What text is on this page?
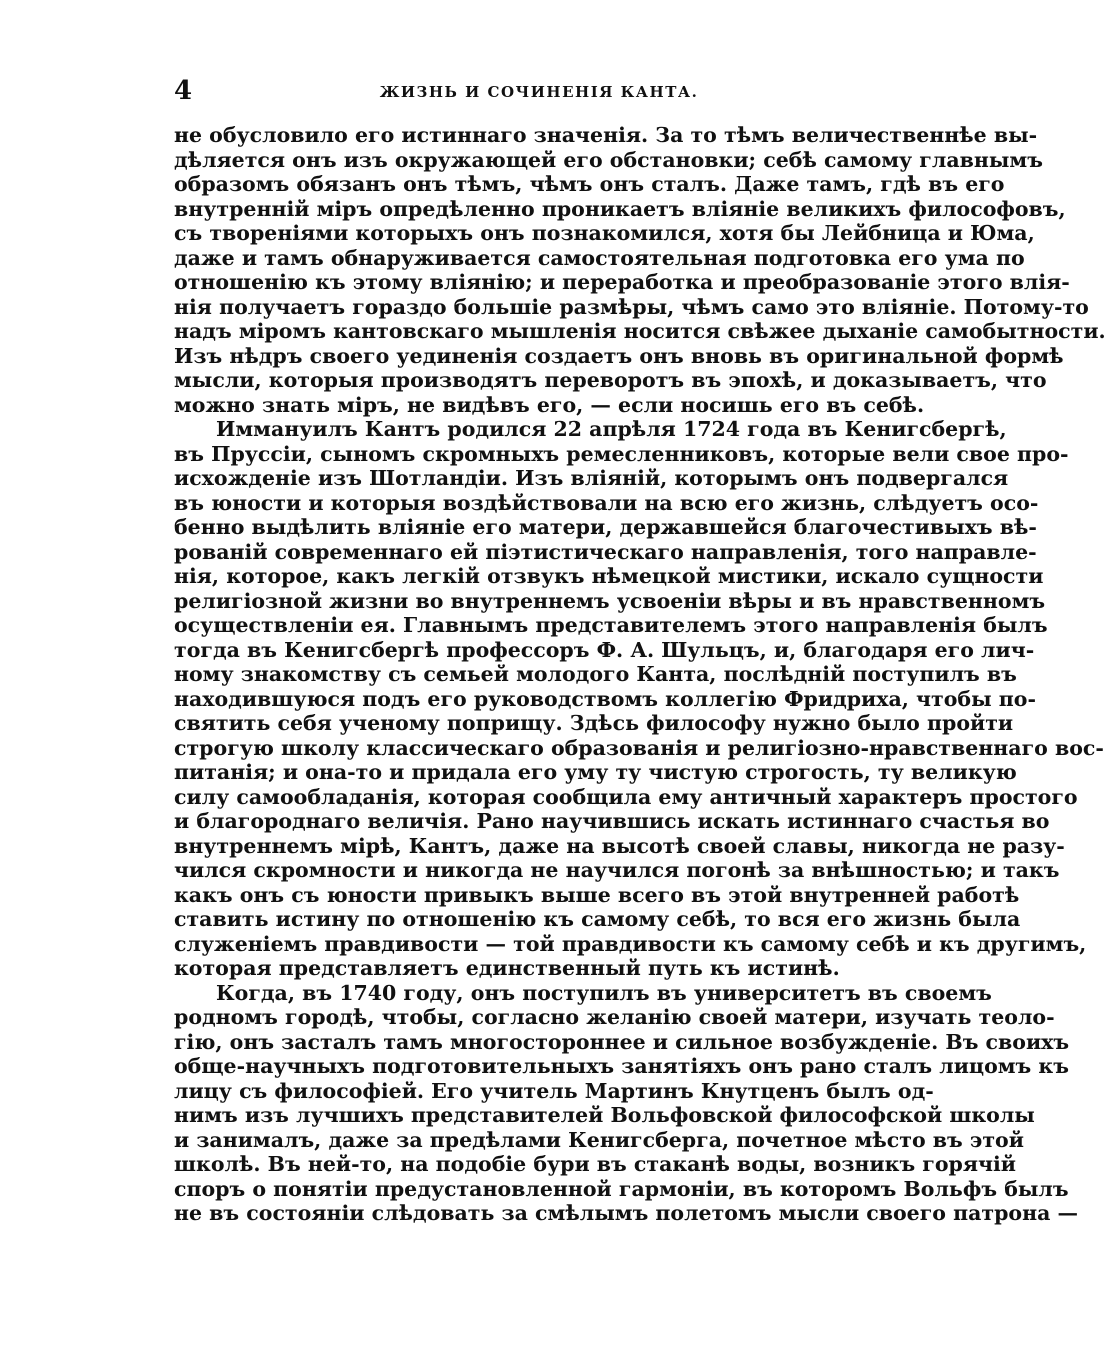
4	ЖИЗНЬ И СОЧИНЕНІЯ КАНТА.
не обусловило его истиннаго значенія. За то тѣмъ величественнѣе вы-
дѣляется онъ изъ окружающей его обстановки; себѣ самому главнымъ
образомъ обязанъ онъ тѣмъ, чѣмъ онъ сталъ. Даже тамъ, гдѣ въ его
внутренній міръ опредѣленно проникаетъ вліяніе великихъ философовъ,
съ твореніями которыхъ онъ познакомился, хотя бы Лейбница и Юма,
даже и тамъ обнаруживается самостоятельная подготовка его ума по
отношенію къ этому вліянію; и переработка и преобразованіе этого влія-
нія получаетъ гораздо большіе размѣры, чѣмъ само это вліяніе. Потому-то
надъ міромъ кантовскаго мышленія носится свѣжее дыханіе самобытности.
Изъ нѣдръ своего уединенія создаетъ онъ вновь въ оригинальной формѣ
мысли, которыя производятъ переворотъ въ эпохѣ, и доказываетъ, что
можно знать міръ, не видѣвъ его, — если носишь его въ себѣ.
Иммануилъ Кантъ родился 22 апрѣля 1724 года въ Кенигсбергѣ,
въ Пруссіи, сыномъ скромныхъ ремесленниковъ, которые вели свое про-
исхожденіе изъ Шотландіи. Изъ вліяній, которымъ онъ подвергался
въ юности и которыя воздѣйствовали на всю его жизнь, слѣдуетъ осо-
бенно выдѣлить вліяніе его матери, державшейся благочестивыхъ вѣ-
рованій современнаго ей піэтистическаго направленія, того направле-
нія, которое, какъ легкій отзвукъ нѣмецкой мистики, искало сущности
религіозной жизни во внутреннемъ усвоеніи вѣры и въ нравственномъ
осуществленіи ея. Главнымъ представителемъ этого направленія былъ
тогда въ Кенигсбергѣ профессоръ Ф. А. Шульцъ, и, благодаря его лич-
ному знакомству съ семьей молодого Канта, послѣдній поступилъ въ
находившуюся подъ его руководствомъ коллегію Фридриха, чтобы по-
святить себя ученому поприщу. Здѣсь философу нужно было пройти
строгую школу классическаго образованія и религіозно-нравственнаго вос-
питанія; и она-то и придала его уму ту чистую строгость, ту великую
силу самообладанія, которая сообщила ему античный характеръ простого
и благороднаго величія. Рано научившись искать истиннаго счастья во
внутреннемъ мірѣ, Кантъ, даже на высотѣ своей славы, никогда не разу-
чился скромности и никогда не научился погонѣ за внѣшностью; и такъ
какъ онъ съ юности привыкъ выше всего въ этой внутренней работѣ
ставить истину по отношенію къ самому себѣ, то вся его жизнь была
служеніемъ правдивости — той правдивости къ самому себѣ и къ другимъ,
которая представляетъ единственный путь къ истинѣ.
Когда, въ 1740 году, онъ поступилъ въ университетъ въ своемъ
родномъ городѣ, чтобы, согласно желанію своей матери, изучать теоло-
гію, онъ засталъ тамъ многостороннее и сильное возбужденіе. Въ своихъ
обще-научныхъ подготовительныхъ занятіяхъ онъ рано сталъ лицомъ къ
лицу съ философіей. Его учитель Мартинъ Кнутценъ былъ од-
нимъ изъ лучшихъ представителей Вольфовской философской школы
и занималъ, даже за предѣлами Кенигсберга, почетное мѣсто въ этой
школѣ. Въ ней-то, на подобіе бури въ стаканѣ воды, возникъ горячій
споръ о понятіи предустановленной гармоніи, въ которомъ Вольфъ былъ
не въ состояніи слѣдовать за смѣлымъ полетомъ мысли своего патрона —
